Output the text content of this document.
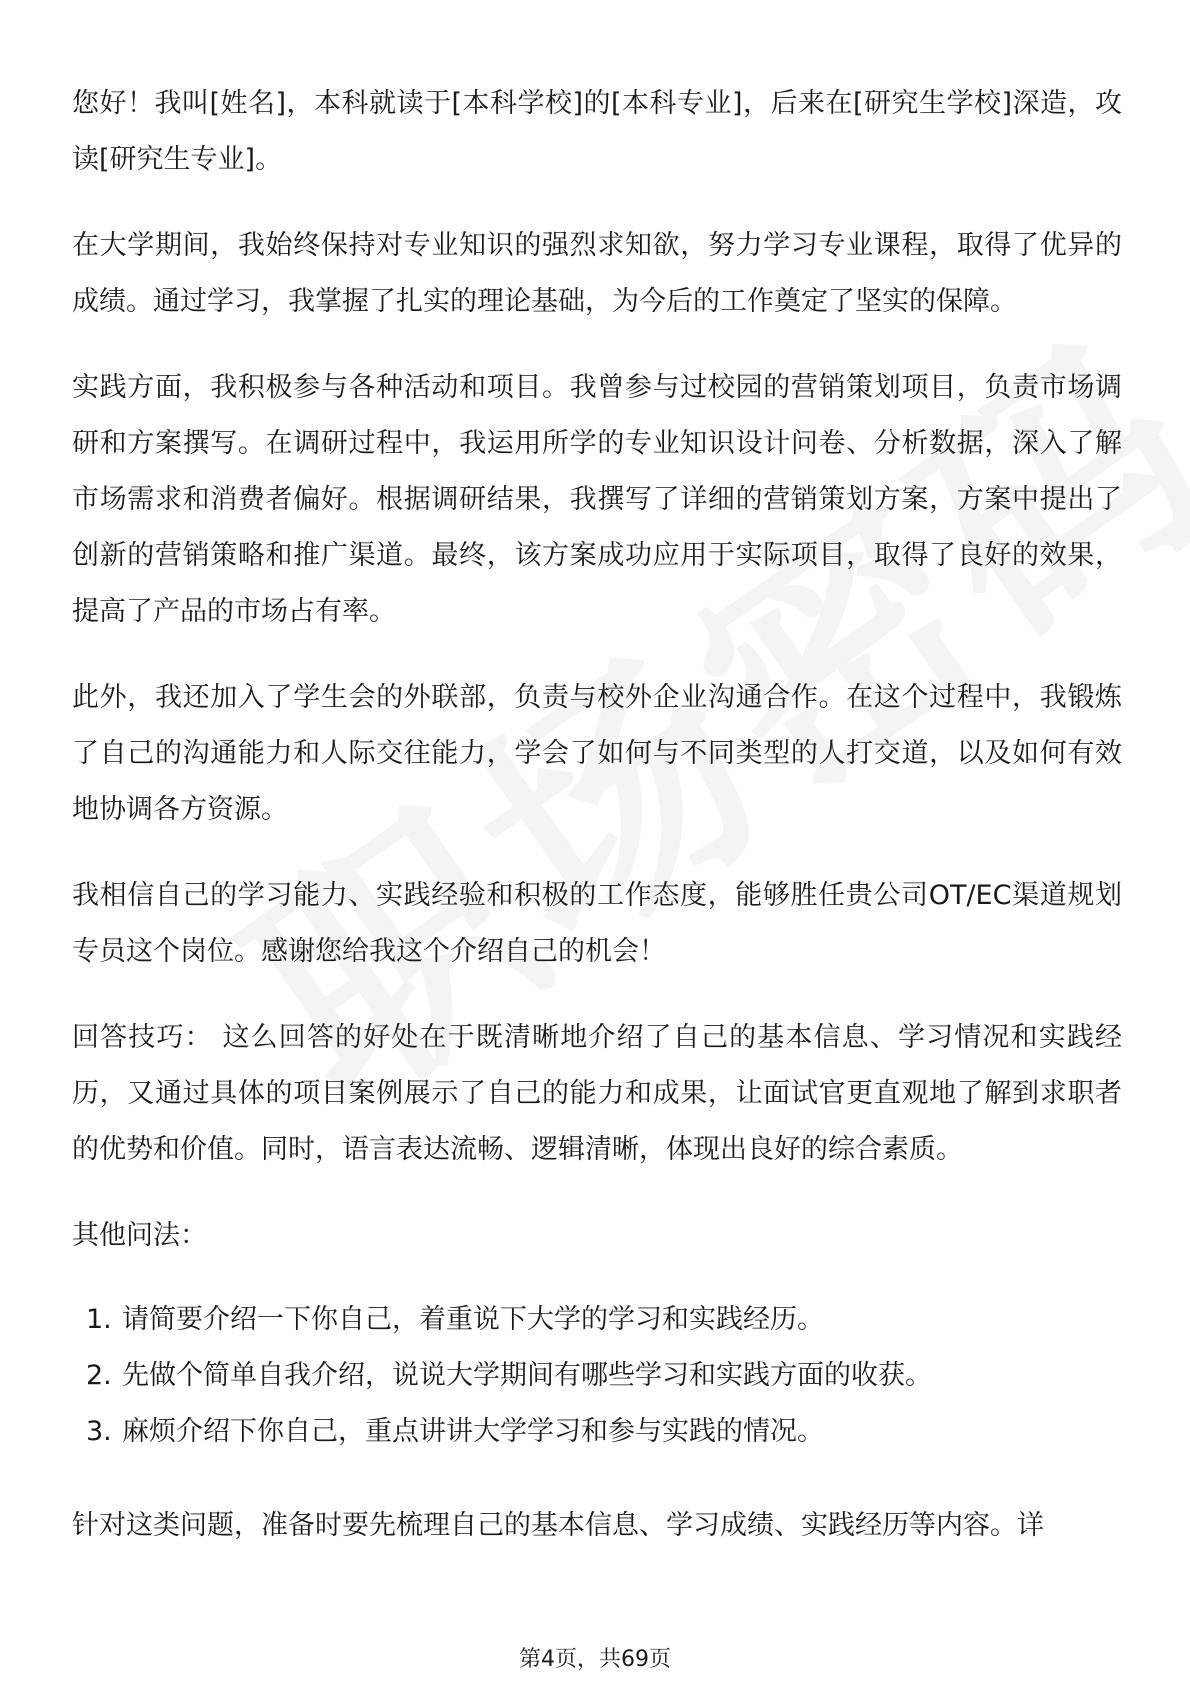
您好！我叫[姓名]，本科就读于[本科学校]的[本科专业]，后来在[研究生学校]深造，攻读[研究生专业]。

在大学期间，我始终保持对专业知识的强烈求知欲，努力学习专业课程，取得了优异的成绩。通过学习，我掌握了扎实的理论基础，为今后的工作奠定了坚实的保障。

实践方面，我积极参与各种活动和项目。我曾参与过校园的营销策划项目，负责市场调研和方案撰写。在调研过程中，我运用所学的专业知识设计问卷、分析数据，深入了解市场需求和消费者偏好。根据调研结果，我撰写了详细的营销策划方案，方案中提出了创新的营销策略和推广渠道。最终，该方案成功应用于实际项目，取得了良好的效果，提高了产品的市场占有率。

此外，我还加入了学生会的外联部，负责与校外企业沟通合作。在这个过程中，我锻炼了自己的沟通能力和人际交往能力，学会了如何与不同类型的人打交道，以及如何有效地协调各方资源。

我相信自己的学习能力、实践经验和积极的工作态度，能够胜任贵公司OT/EC渠道规划专员这个岗位。感谢您给我这个介绍自己的机会！

回答技巧： 这么回答的好处在于既清晰地介绍了自己的基本信息、学习情况和实践经历，又通过具体的项目案例展示了自己的能力和成果，让面试官更直观地了解到求职者的优势和价值。同时，语言表达流畅、逻辑清晰，体现出良好的综合素质。

其他问法：

1. 请简要介绍一下你自己，着重说下大学的学习和实践经历。
2. 先做个简单自我介绍，说说大学期间有哪些学习和实践方面的收获。
3. 麻烦介绍下你自己，重点讲讲大学学习和参与实践的情况。

针对这类问题，准备时要先梳理自己的基本信息、学习成绩、实践经历等内容。详

第4页，共69页
